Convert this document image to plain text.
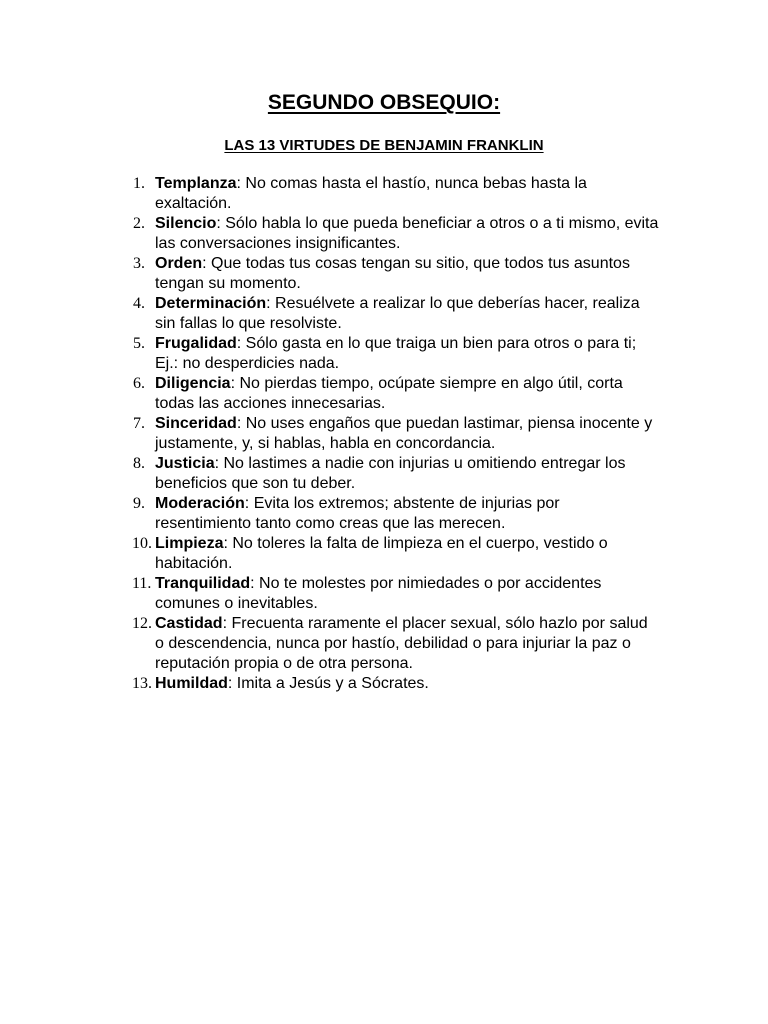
SEGUNDO OBSEQUIO:
LAS 13 VIRTUDES DE BENJAMIN FRANKLIN
1. Templanza: No comas hasta el hastío, nunca bebas hasta la exaltación.
2. Silencio: Sólo habla lo que pueda beneficiar a otros o a ti mismo, evita las conversaciones insignificantes.
3. Orden: Que todas tus cosas tengan su sitio, que todos tus asuntos tengan su momento.
4. Determinación: Resuélvete a realizar lo que deberías hacer, realiza sin fallas lo que resolviste.
5. Frugalidad: Sólo gasta en lo que traiga un bien para otros o para ti; Ej.: no desperdicies nada.
6. Diligencia: No pierdas tiempo, ocúpate siempre en algo útil, corta todas las acciones innecesarias.
7. Sinceridad: No uses engaños que puedan lastimar, piensa inocente y justamente, y, si hablas, habla en concordancia.
8. Justicia: No lastimes a nadie con injurias u omitiendo entregar los beneficios que son tu deber.
9. Moderación: Evita los extremos; abstente de injurias por resentimiento tanto como creas que las merecen.
10. Limpieza: No toleres la falta de limpieza en el cuerpo, vestido o habitación.
11. Tranquilidad: No te molestes por nimiedades o por accidentes comunes o inevitables.
12. Castidad: Frecuenta raramente el placer sexual, sólo hazlo por salud o descendencia, nunca por hastío, debilidad o para injuriar la paz o reputación propia o de otra persona.
13. Humildad: Imita a Jesús y a Sócrates.
